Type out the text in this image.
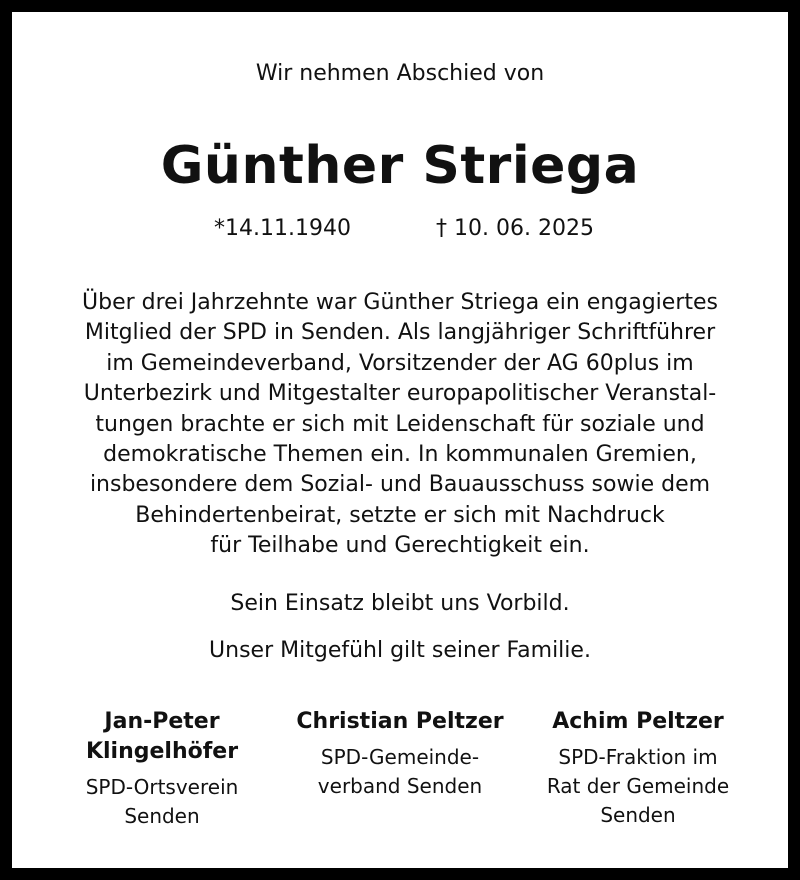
Wir nehmen Abschied von
Günther Striega
*14.11.1940	† 10. 06. 2025

Über drei Jahrzehnte war Günther Striega ein engagiertes
Mitglied der SPD in Senden. Als langjähriger Schriftführer
im Gemeindeverband, Vorsitzender der AG 60plus im
Unterbezirk und Mitgestalter europapolitischer Veranstal-
tungen brachte er sich mit Leidenschaft für soziale und
demokratische Themen ein. In kommunalen Gremien,
insbesondere dem Sozial- und Bauausschuss sowie dem
Behindertenbeirat, setzte er sich mit Nachdruck
für Teilhabe und Gerechtigkeit ein.

Sein Einsatz bleibt uns Vorbild.

Unser Mitgefühl gilt seiner Familie.

Jan-Peter
Klingelhöfer

SPD-Ortsverein
Senden

Christian Peltzer

SPD-Gemeinde-
verband Senden

Achim Peltzer

SPD-Fraktion im
Rat der Gemeinde
Senden
